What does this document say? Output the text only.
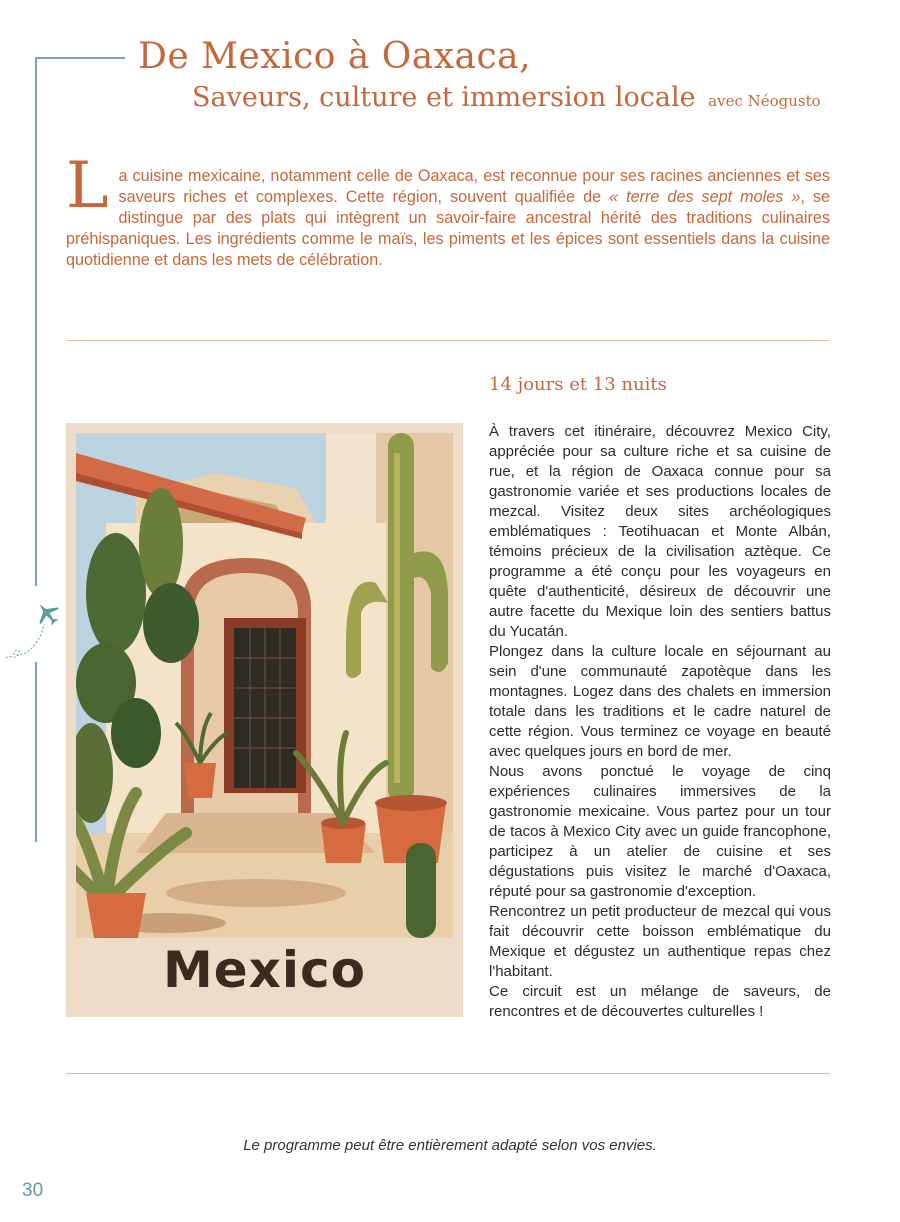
De Mexico à Oaxaca,
Saveurs, culture et immersion locale avec Néogusto
La cuisine mexicaine, notamment celle de Oaxaca, est reconnue pour ses racines anciennes et ses saveurs riches et complexes. Cette région, souvent qualifiée de « terre des sept moles », se distingue par des plats qui intègrent un savoir-faire ancestral hérité des traditions culinaires préhispaniques. Les ingrédients comme le maïs, les piments et les épices sont essentiels dans la cuisine quotidienne et dans les mets de célébration.
14 jours et 13 nuits

À travers cet itinéraire, découvrez Mexico City, appréciée pour sa culture riche et sa cuisine de rue, et la région de Oaxaca connue pour sa gastronomie variée et ses productions locales de mezcal. Visitez deux sites archéologiques emblématiques : Teotihuacan et Monte Albán, témoins précieux de la civilisation aztèque. Ce programme a été conçu pour les voyageurs en quête d'authenticité, désireux de découvrir une autre facette du Mexique loin des sentiers battus du Yucatán.

Plongez dans la culture locale en séjournant au sein d'une communauté zapotèque dans les montagnes. Logez dans des chalets en immersion totale dans les traditions et le cadre naturel de cette région. Vous terminez ce voyage en beauté avec quelques jours en bord de mer.

Nous avons ponctué le voyage de cinq expériences culinaires immersives de la gastronomie mexicaine. Vous partez pour un tour de tacos à Mexico City avec un guide francophone, participez à un atelier de cuisine et ses dégustations puis visitez le marché d'Oaxaca, réputé pour sa gastronomie d'exception.

Rencontrez un petit producteur de mezcal qui vous fait découvrir cette boisson emblématique du Mexique et dégustez un authentique repas chez l'habitant.

Ce circuit est un mélange de saveurs, de rencontres et de découvertes culturelles !

Mexico
Le programme peut être entièrement adapté selon vos envies.
30
